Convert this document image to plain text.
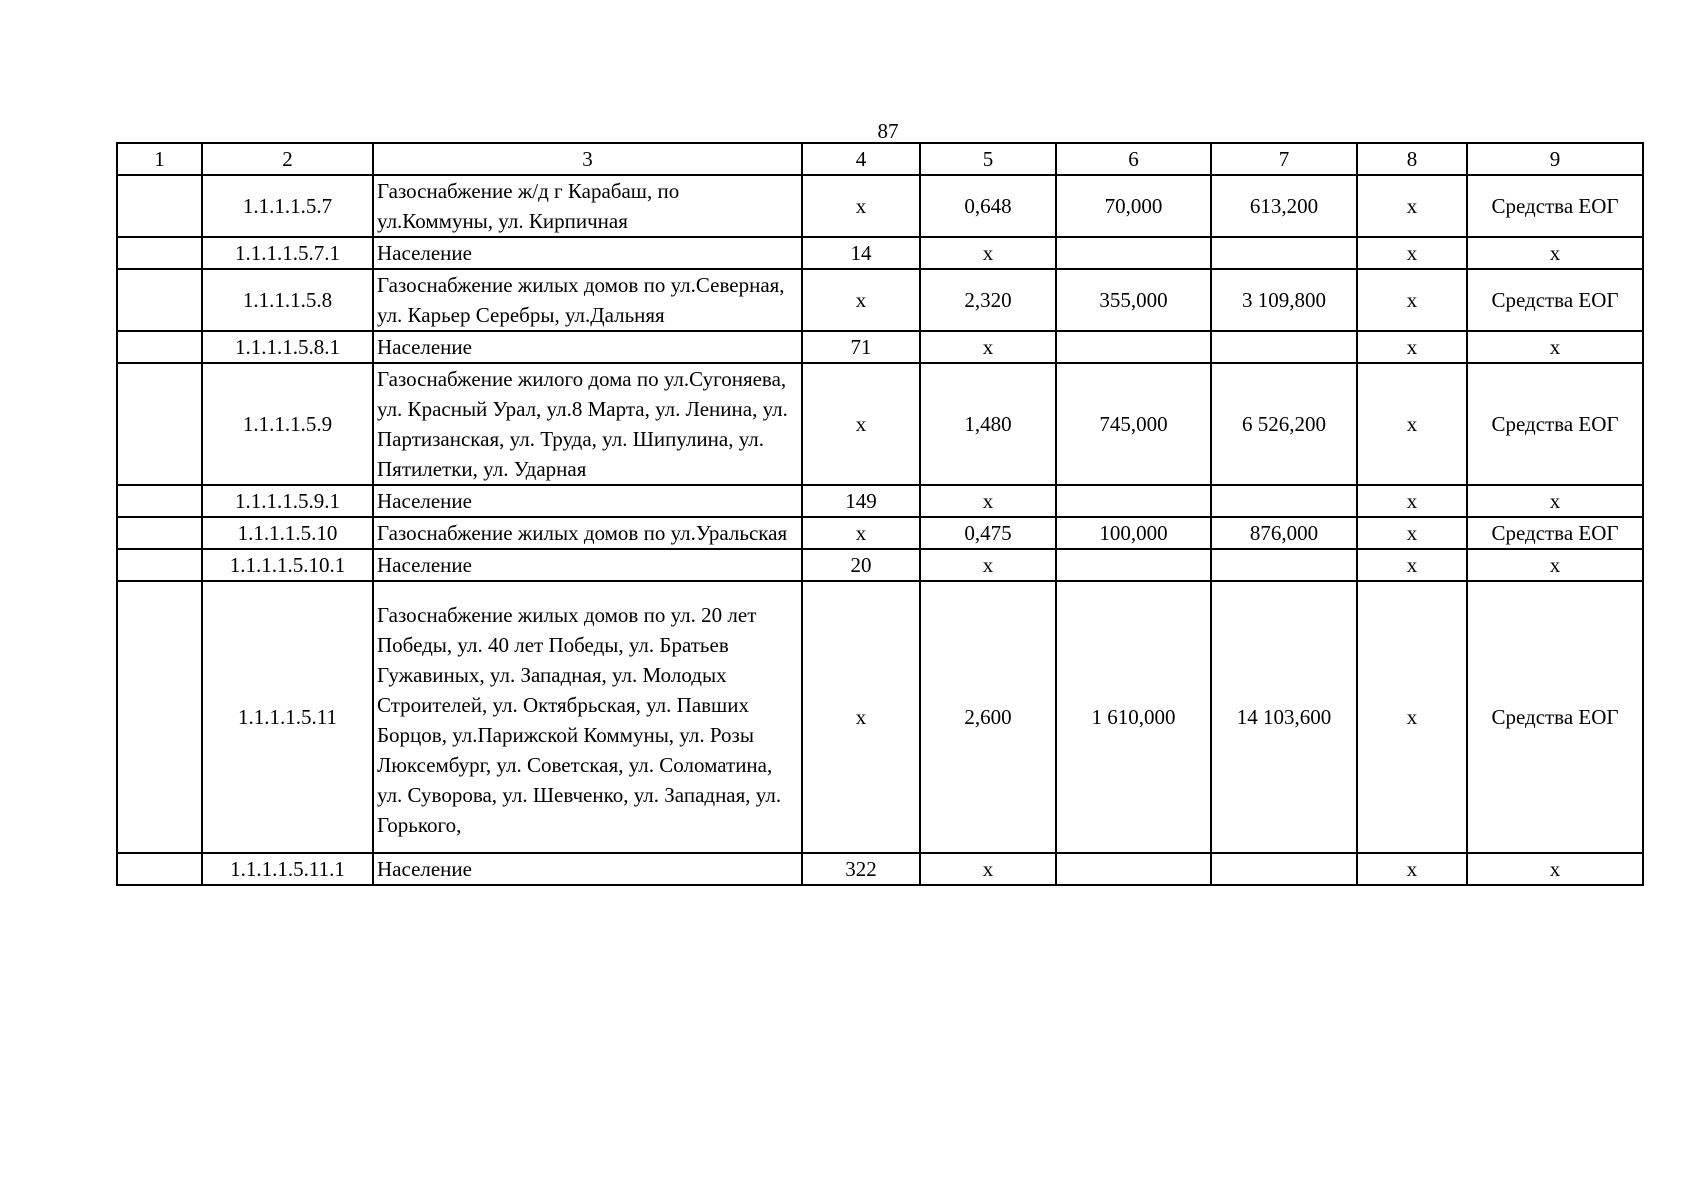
87
1	2	3	4	5	6	7	8	9
	1.1.1.1.5.7	Газоснабжение ж/д г Карабаш, по ул.Коммуны, ул. Кирпичная	х	0,648	70,000	613,200	х	Средства ЕОГ
	1.1.1.1.5.7.1	Население	14	х			х	х
	1.1.1.1.5.8	Газоснабжение жилых домов по ул.Северная, ул. Карьер Серебры, ул.Дальняя	х	2,320	355,000	3 109,800	х	Средства ЕОГ
	1.1.1.1.5.8.1	Население	71	х			х	х
	1.1.1.1.5.9	Газоснабжение жилого дома по ул.Сугоняева, ул. Красный Урал, ул.8 Марта, ул. Ленина, ул. Партизанская, ул. Труда, ул. Шипулина, ул. Пятилетки, ул. Ударная	х	1,480	745,000	6 526,200	х	Средства ЕОГ
	1.1.1.1.5.9.1	Население	149	х			х	х
	1.1.1.1.5.10	Газоснабжение жилых домов по ул.Уральская	х	0,475	100,000	876,000	х	Средства ЕОГ
	1.1.1.1.5.10.1	Население	20	х			х	х
	1.1.1.1.5.11	Газоснабжение жилых домов по ул. 20 лет Победы, ул. 40 лет Победы, ул. Братьев Гужавиных, ул. Западная, ул. Молодых Строителей, ул. Октябрьская, ул. Павших Борцов, ул.Парижской Коммуны, ул. Розы Люксембург, ул. Советская, ул. Соломатина, ул. Суворова, ул. Шевченко, ул. Западная, ул. Горького,	х	2,600	1 610,000	14 103,600	х	Средства ЕОГ
	1.1.1.1.5.11.1	Население	322	х			х	х
